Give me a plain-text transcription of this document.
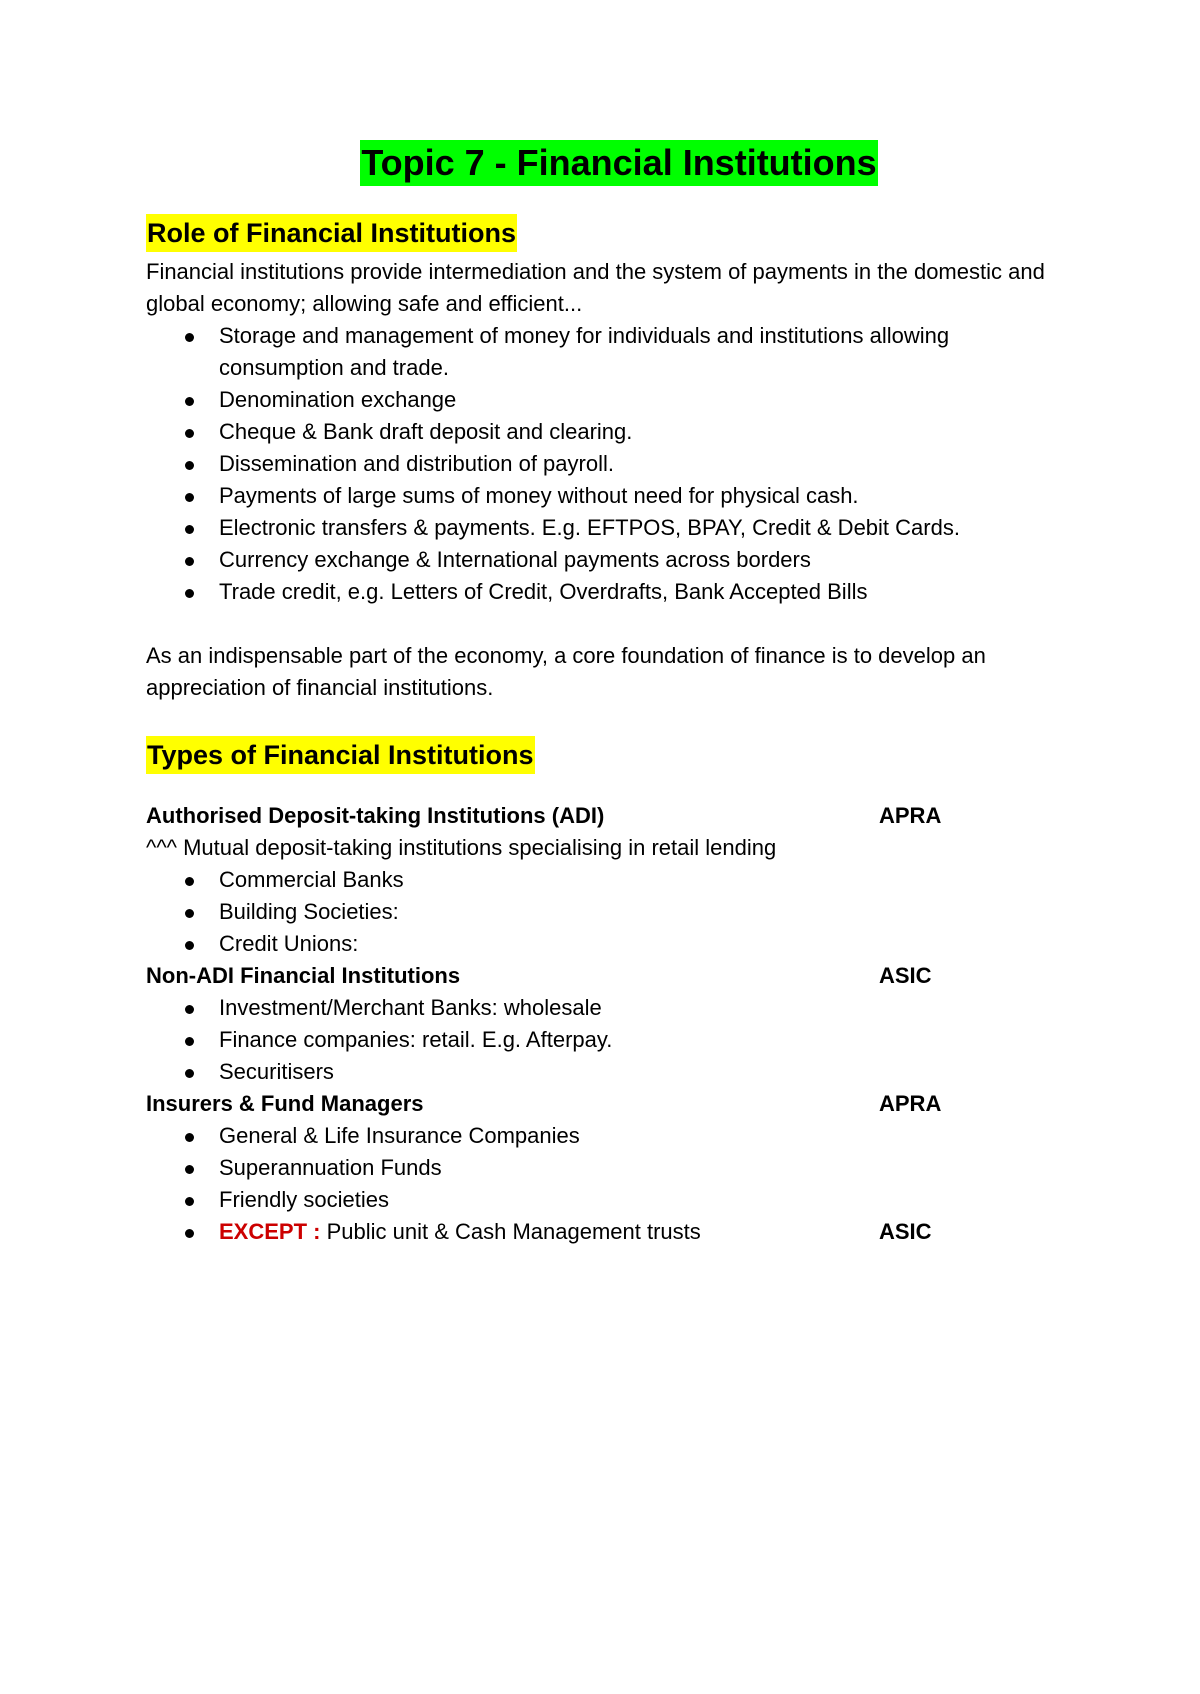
Topic 7 - Financial Institutions
Role of Financial Institutions

Financial institutions provide intermediation and the system of payments in the domestic and global economy; allowing safe and efficient...

Storage and management of money for individuals and institutions allowing consumption and trade.
Denomination exchange
Cheque & Bank draft deposit and clearing.
Dissemination and distribution of payroll.
Payments of large sums of money without need for physical cash.
Electronic transfers & payments. E.g. EFTPOS, BPAY, Credit & Debit Cards.
Currency exchange & International payments across borders
Trade credit, e.g. Letters of Credit, Overdrafts, Bank Accepted Bills

As an indispensable part of the economy, a core foundation of finance is to develop an appreciation of financial institutions.

Types of Financial Institutions
Authorised Deposit-taking Institutions (ADI)	APRA

^^^ Mutual deposit-taking institutions specialising in retail lending

Commercial Banks
Building Societies:
Credit Unions:
Non-ADI Financial Institutions	ASIC
Investment/Merchant Banks: wholesale
Finance companies: retail. E.g. Afterpay.
Securitisers
Insurers & Fund Managers	APRA
General & Life Insurance Companies
Superannuation Funds
Friendly societies
EXCEPT : Public unit & Cash Management trusts	ASIC
